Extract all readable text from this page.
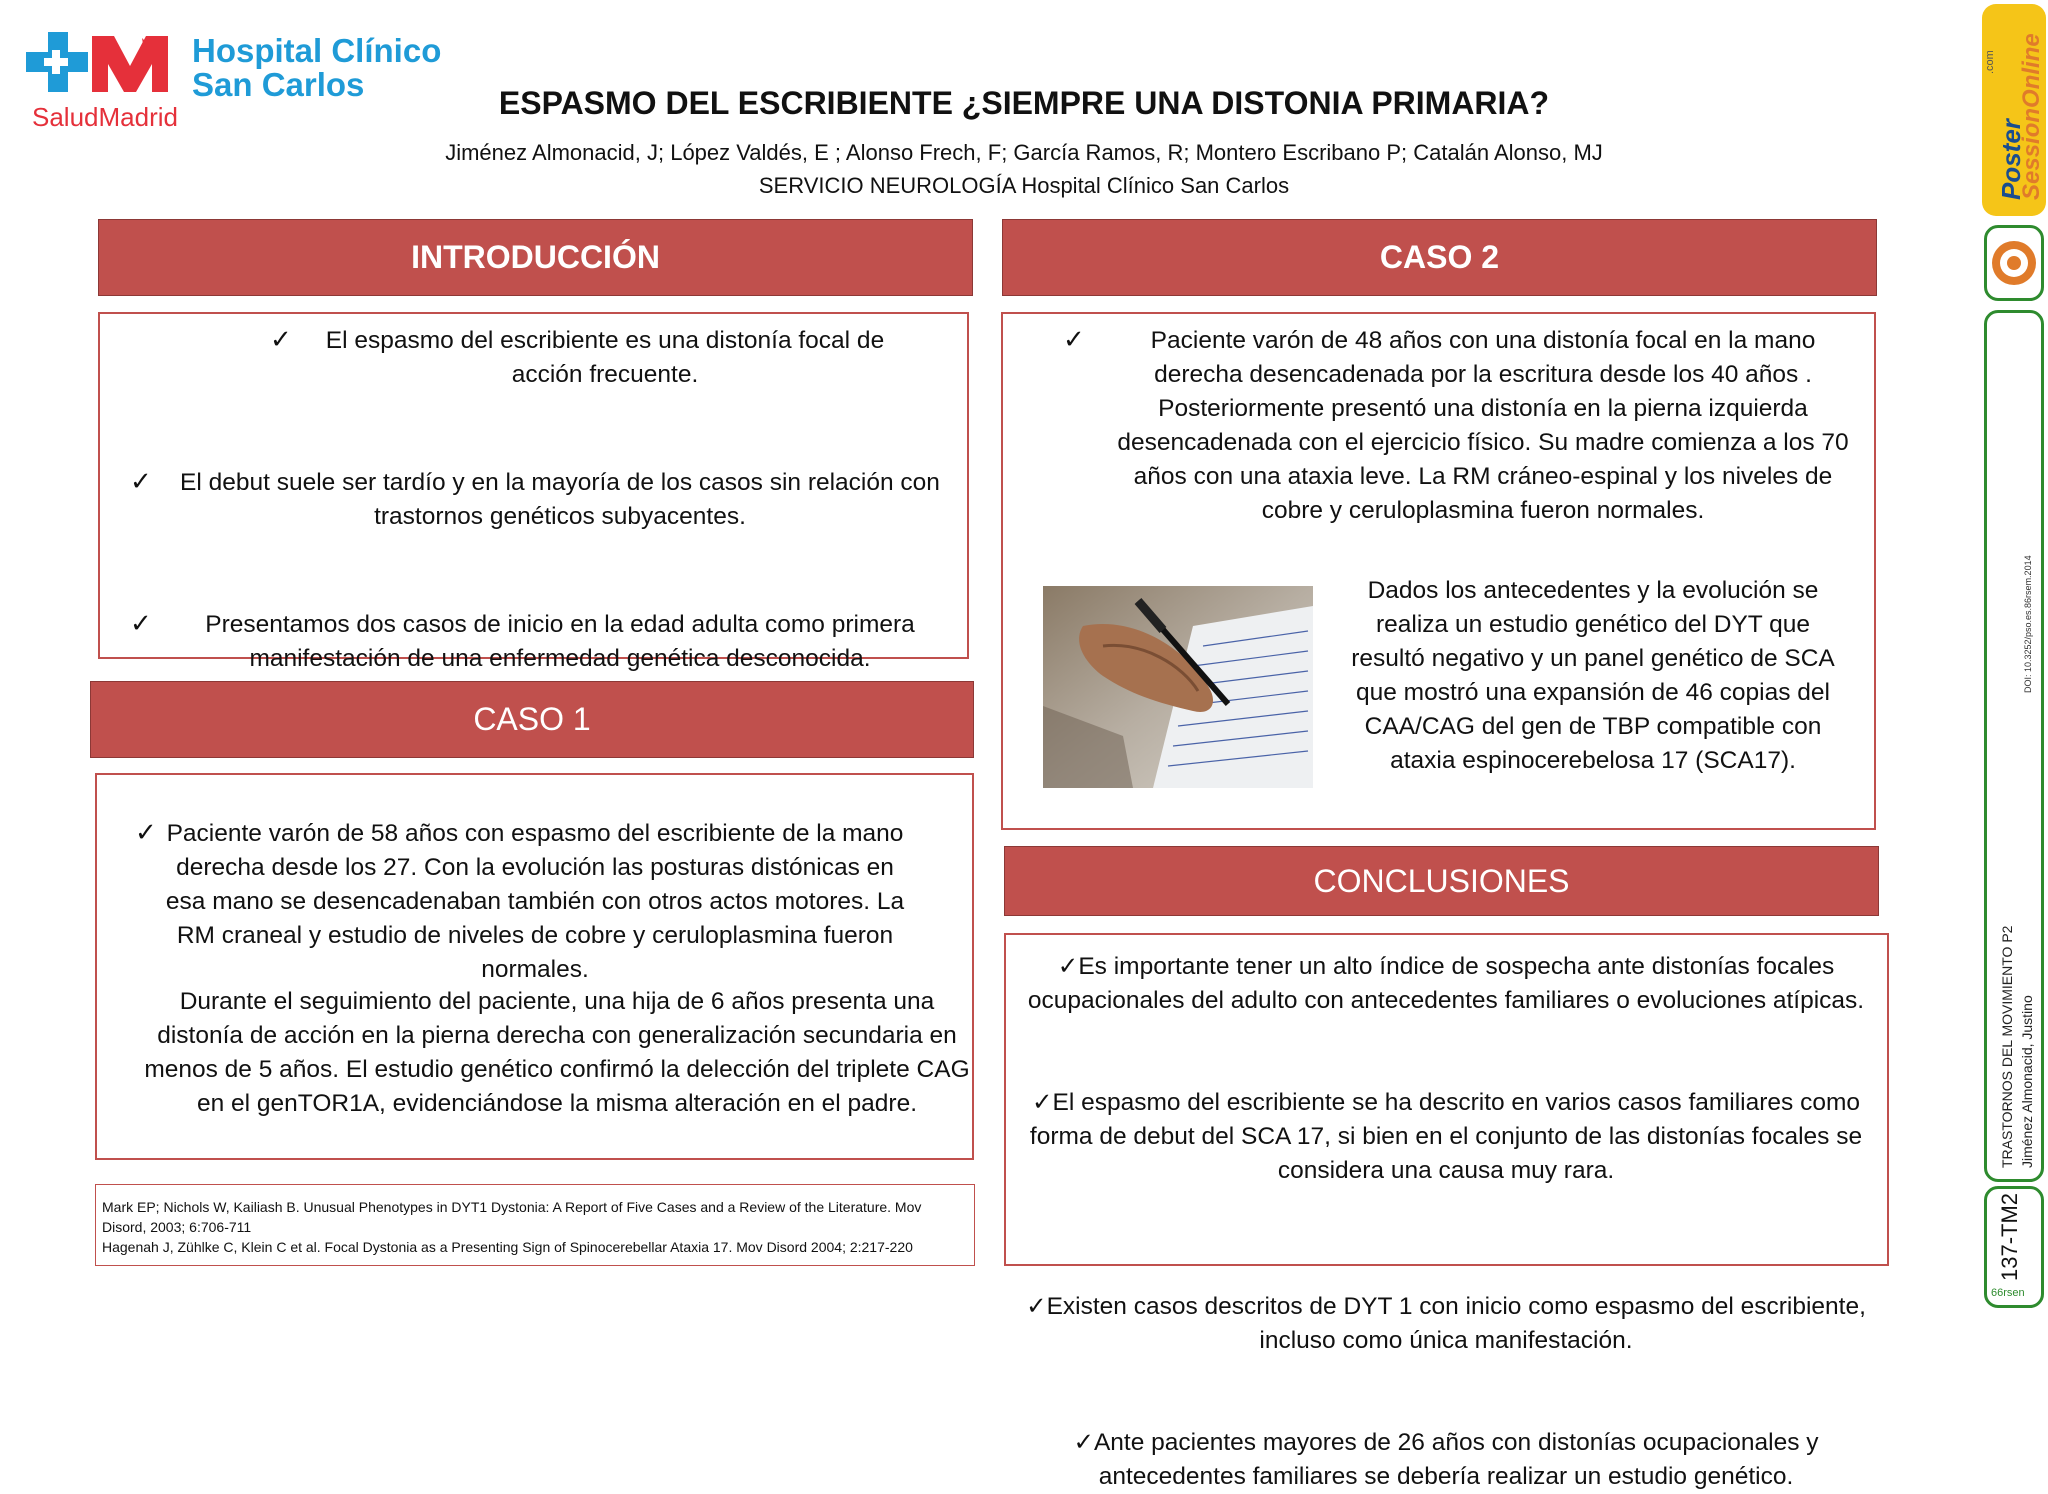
Hospital Clínico
San Carlos
SaludMadrid	ESPASMO DEL ESCRIBIENTE ¿SIEMPRE UNA DISTONIA PRIMARIA?
Jiménez Almonacid, J; López Valdés, E ; Alonso Frech, F; García Ramos, R; Montero Escribano P; Catalán Alonso, MJ
SERVICIO NEUROLOGÍA Hospital Clínico San Carlos
INTRODUCCIÓN
✓	El espasmo del escribiente es una distonía focal de acción frecuente.
✓	El debut suele ser tardío y en la mayoría de los casos sin relación con trastornos genéticos subyacentes.
✓	Presentamos dos casos de inicio en la edad adulta como primera manifestación de una enfermedad genética desconocida.
CASO 1
✓ Paciente varón de 58 años con espasmo del escribiente de la mano derecha desde los 27. Con la evolución las posturas distónicas en esa mano se desencadenaban también con otros actos motores. La RM craneal y estudio de niveles de cobre y ceruloplasmina fueron normales.
Durante el seguimiento del paciente, una hija de 6 años presenta una distonía de acción en la pierna derecha con generalización secundaria en menos de 5 años. El estudio genético confirmó la delección del triplete CAG en el genTOR1A, evidenciándose la misma alteración en el padre.
Mark EP; Nichols W, Kailiash B. Unusual Phenotypes in DYT1 Dystonia: A Report of Five Cases and a Review of the Literature. Mov Disord, 2003; 6:706-711
Hagenah J, Zühlke C, Klein C et al. Focal Dystonia as a Presenting Sign of Spinocerebellar Ataxia 17. Mov Disord 2004; 2:217-220
CASO 2
✓	Paciente varón de 48 años con una distonía focal en la mano derecha desencadenada por la escritura desde los 40 años . Posteriormente presentó una distonía en la pierna izquierda desencadenada con el ejercicio físico. Su madre comienza a los 70 años con una ataxia leve. La RM cráneo-espinal y los niveles de cobre y ceruloplasmina fueron normales.
Dados los antecedentes y la evolución se realiza un estudio genético del DYT que resultó negativo y un panel genético de SCA que mostró una expansión de 46 copias del CAA/CAG del gen de TBP compatible con ataxia espinocerebelosa 17 (SCA17).
CONCLUSIONES
✓Es importante tener un alto índice de sospecha ante distonías focales ocupacionales del adulto con antecedentes familiares o evoluciones atípicas.
✓El espasmo del escribiente se ha descrito en varios casos familiares como forma de debut del SCA 17, si bien en el conjunto de las distonías focales se considera una causa muy rara.
✓Existen casos descritos de DYT 1 con inicio como espasmo del escribiente, incluso como única manifestación.
✓Ante pacientes mayores de 26 años con distonías ocupacionales y antecedentes familiares se debería realizar un estudio genético.
Poster
SessionOnline
.com
DOI: 10.3252/pso.es.86rsem.2014
TRASTORNOS DEL MOVIMIENTO P2 Jiménez Almonacid, Justino
137-TM2
66rsen
